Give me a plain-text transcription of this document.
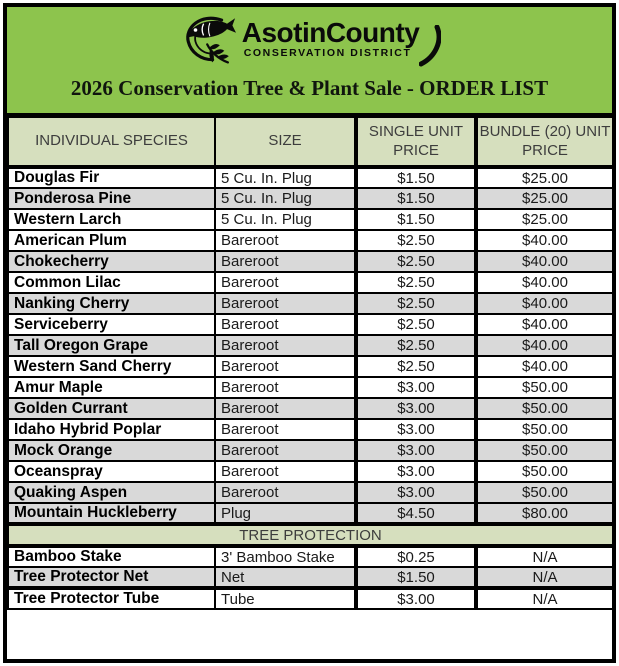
AsotinCounty
CONSERVATION DISTRICT
2026 Conservation Tree & Plant Sale - ORDER LIST
INDIVIDUAL SPECIES	SIZE	SINGLE UNIT PRICE	BUNDLE (20) UNIT PRICE
Douglas Fir	5 Cu. In. Plug	$1.50	$25.00
Ponderosa Pine	5 Cu. In. Plug	$1.50	$25.00
Western Larch	5 Cu. In. Plug	$1.50	$25.00
American Plum	Bareroot	$2.50	$40.00
Chokecherry	Bareroot	$2.50	$40.00
Common Lilac	Bareroot	$2.50	$40.00
Nanking Cherry	Bareroot	$2.50	$40.00
Serviceberry	Bareroot	$2.50	$40.00
Tall Oregon Grape	Bareroot	$2.50	$40.00
Western Sand Cherry	Bareroot	$2.50	$40.00
Amur Maple	Bareroot	$3.00	$50.00
Golden Currant	Bareroot	$3.00	$50.00
Idaho Hybrid Poplar	Bareroot	$3.00	$50.00
Mock Orange	Bareroot	$3.00	$50.00
Oceanspray	Bareroot	$3.00	$50.00
Quaking Aspen	Bareroot	$3.00	$50.00
Mountain Huckleberry	Plug	$4.50	$80.00
TREE PROTECTION			
Bamboo Stake	3' Bamboo Stake	$0.25	N/A
Tree Protector Net	Net	$1.50	N/A
Tree Protector Tube	Tube	$3.00	N/A
